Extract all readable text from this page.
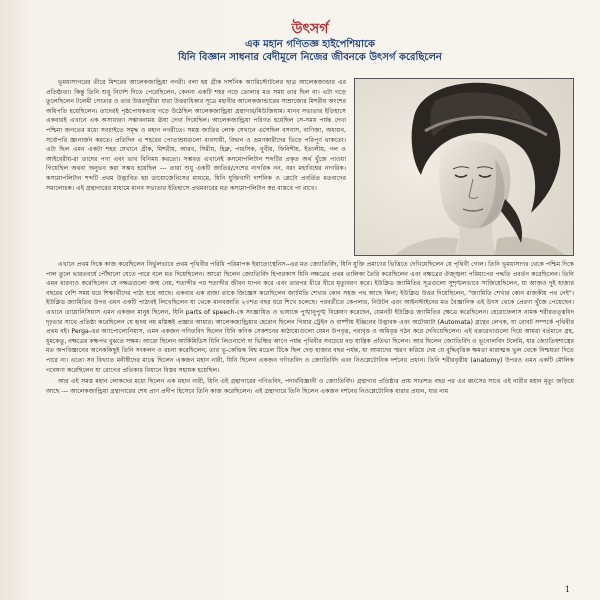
উৎসর্গ
এক মহান গণিতজ্ঞ হাইপেশিয়াকে
যিনি বিজ্ঞান সাধনার বেদীমূলে নিজের জীবনকে উৎসর্গ করেছিলেন

ভূমধ্যসাগরের তীরে মিশরের আলেকজান্ড্রিয়া নগরী। বলা হয় গ্রীক দার্শনিক অ্যারিস্টোটলের ছাত্র আলেকজান্ডার এর প্রতিষ্ঠাতা। কিন্তু তিনি শুধু নির্দেশ দিতে পেরেছিলেন, কেননা একটি শহর গড়ে তোলার মত সময় তার ছিল না। এটা গড়ে তুলেছিলেন টলেমী সোতার ও তার উত্তরসূরীরা যারা উত্তরাধিকার সূত্রে মহাবীর আলেকজান্ডারের সাম্রাজ্যের মিশরীয় অংশের অধিপতি হয়েছিলেন। তাদেরই পৃষ্ঠপোষকতায় গড়ে উঠেছিল আলেকজান্ড্রিয়া গ্রন্থাগার/মিউজিয়াম। মানব সভ্যতার ইতিহাসে একবারই এখানে এক অসাধারণ সম্ভাবনাময় ঊষা দেখা দিয়েছিল। আলেকজান্ড্রিয়া পরিণত হয়েছিল সে-সময় পর্যন্ত দেখা পশ্চিমা জগতের মধ্যে সবচাইতে সমৃদ্ধ ও মহান নগরীতে। সমস্ত জাতির লোক সেখানে এসেছিল বসবাস, বাণিজ্য, অধ্যয়ন, সর্বোপরি জ্ঞানার্জন করতে। প্রতিদিন এ শহরের পোতাশ্রয়গুলো ব্যবসায়ী, বিদ্বান ও ভ্রমণকারীদের ভিড়ে পরিপূর্ণ থাকতো। এটা ছিল এমন একটা শহর যেখানে গ্রীক, মিশরীয়, আরব, সিরীয়, হিব্রু, পারসিক, নুবীয়, ফিনিশীয়, ইতালীয়, গল ও আইবেরীয়-রা তাদের পণ্য এবং ভাব বিনিময় করতো। সম্ভবত এখানেই কসমোপলিটান শব্দটির প্রকৃত অর্থ খুঁজে পাওয়া গিয়েছিল অথবা অনুভব করা সম্ভব হয়েছিল --- তারা শুধু একটি জাতির/দেশের নাগরিক নন, বরং মহাবিশ্বের নাগরিক। কসমোপলিটান শব্দটি প্রথম উদ্ভাবিত হয় ডায়োজেনিসের মাধ্যমে, যিনি যুক্তিবাদী দার্শনিক ও প্লেটো প্রবর্তিত মতবাদের সমালোচক। এই গ্রন্থাগারের মাধ্যমে মানব সভ্যতার ইতিহাসে প্রথমবারের মত কসমোপলিটান স্বপ্ন বাস্তবে পা রাখে।

এখানে প্রথম দিকে কাজ করেছিলেন নির্ভুলভাবে প্রথম পৃথিবীর পরিধি পরিমাপক ইরাতোস্থেনিস--এর মত জ্যোতির্বিদ, যিনি যুক্তি প্রমাণের ভিত্তিতে দেখিয়েছিলেন যে পৃথিবী গোল। তিনি ভূমধ্যসাগর থেকে পশ্চিম দিকে পাল তুলে ভারতবর্ষে পৌঁছানো যেতে পারে বলে মত দিয়েছিলেন। আরো ছিলেন জ্যোতির্বিদ হিপারকাস যিনি নক্ষত্রের প্রথম তালিকা তৈরি করেছিলেন এবং নক্ষত্রের ঔজ্জ্বল্য পরিমাপের পদ্ধতি প্রবর্তন করেছিলেন। তিনি এমন ধারণাও করেছিলেন যে নক্ষত্রগুলো জন্ম নেয়, শতাব্দীর পর শতাব্দীর জীবন যাপন করে এবং তারপর ধীরে ধীরে মৃত্যুবরণ করে। ইউক্লিড জ্যামিতির সূত্রগুলো সুশৃঙ্খলভাবে সাজিয়েছিলেন, যা আজও দুই হাজার বছরের বেশি সময় ধরে শিক্ষার্থীদের পাঠ্য হয়ে আছে। একবার এক রাজা তাকে জিজ্ঞেস করেছিলেন জ্যামিতি শেখার কোন সহজ পথ আছে কিনা; ইউক্লিড উত্তর দিয়েছিলেন, "জ্যামিতি শেখার কোন রাজকীয় পথ নেই"। ইউক্লিড জ্যামিতির উপর এমন একটি পাঠ্যবই লিখেছিলেন যা থেকে মানবজাতি ২৩শত বছর ধরে শিখে চলেছে। পরবর্তীতে কেপলার, নিউটন এবং আইনস্টাইনের মত বৈজ্ঞানিক এই উৎস থেকে প্রেরণা খুঁজে পেয়েছেন। এখানে ডায়োনিসিয়াস এমন একজন মানুষ ছিলেন, যিনি parts of speech-কে সংজ্ঞায়িত ও ভাষাকে পুঙ্খানুপুঙ্খ বিশ্লেষণ করেছেন, যেমনটি ইউক্লিড জ্যামিতির ক্ষেত্রে করেছিলেন। হেরোফেলাস নামক শরীরতত্ত্ববিদ দৃঢ়তার সাথে প্রতিষ্ঠা করেছিলেন যে হৃদয় নয় মস্তিষ্কই প্রজ্ঞার আধার। আলেকজান্ড্রিয়ার হেরোন ছিলেন গিয়ার ট্রেইন ও বাষ্পীয় ইঞ্জিনের উদ্ভাবক এবং অটোমাটা (Automata) গ্রন্থের লেখক, যা রোবট সম্পর্কে পৃথিবীর প্রথম বই। Perga-এর অ্যাপোলোনিয়াস, এমন একজন গণিতবিদ ছিলেন যিনি কণিক সেকশনের কাঠামোগুলো যেমন উপবৃত্ত, পরাবৃত্ত ও অধিবৃত্ত গঠন করে দেখিয়েছিলেন। এই বক্ররেখাগুলো দিয়ে আমরা বর্তমানে গ্রহ, ধূমকেতু, নক্ষত্রের কক্ষপথ বুঝতে সক্ষম। আরো ছিলেন আর্কিমিডিস যিনি লিওনার্দো দা ভিঞ্চির আগে পর্যন্ত পৃথিবীর সবচেয়ে বড় যান্ত্রিক প্রতিভা ছিলেন। আর ছিলেন জ্যোতির্বিদ ও ভূগোলবিদ টলেমি, যার জ্যোতিষশাস্ত্রের মত অপবিজ্ঞানের অনেককিছুই তিনি সংকলন ও রচনা করেছিলেন; তার ভূ-কেন্দ্রিক বিশ্ব মডেল টিকে ছিল দেড় হাজার বছর পর্যন্ত, যা আমাদের স্মরণ করিয়ে দেয় যে বুদ্ধিবৃত্তিক ক্ষমতা মারাত্মক ভুল থেকে নিশ্চয়তা দিতে পারে না। এতো সব বিখ্যাত মনীষীদের মাঝে ছিলেন একজন মহান নারী, যিনি ছিলেন একজন গণিতবিদ ও জ্যোতির্বিদ এবং নিওপ্লেটোনিক দর্শনের প্রধান। তিনি শরীরবৃত্তীয় (anatomy) উপরও এমন একটি মৌলিক গবেষণা করেছিলেন যা রোগের প্রতিকার বিধানে বিস্তর সহায়ক হয়েছিল।

আর এই সমস্ত মহান লোকদের মধ্যে ছিলেন এক মহান নারী, যিনি এই গ্রন্থাগারের গণিতবিদ, পদার্থবিজ্ঞানী ও জ্যোতির্বিদ। গ্রন্থাগার প্রতিষ্ঠার প্রায় সাতশত বছর পর এর ধ্বংসের সাথে এই নারীর মহান মৃত্যু জড়িয়ে আছে --- আলেকজান্ড্রিয়া গ্রন্থাগারের শেষ প্রাণ প্রদীপ হিসেবে তিনি কাজ করেছিলেন। এই গ্রন্থাগারে তিনি ছিলেন একজন দর্শনের নিওপ্লেটোনিক ধারার প্রধান, যার নাম

1
